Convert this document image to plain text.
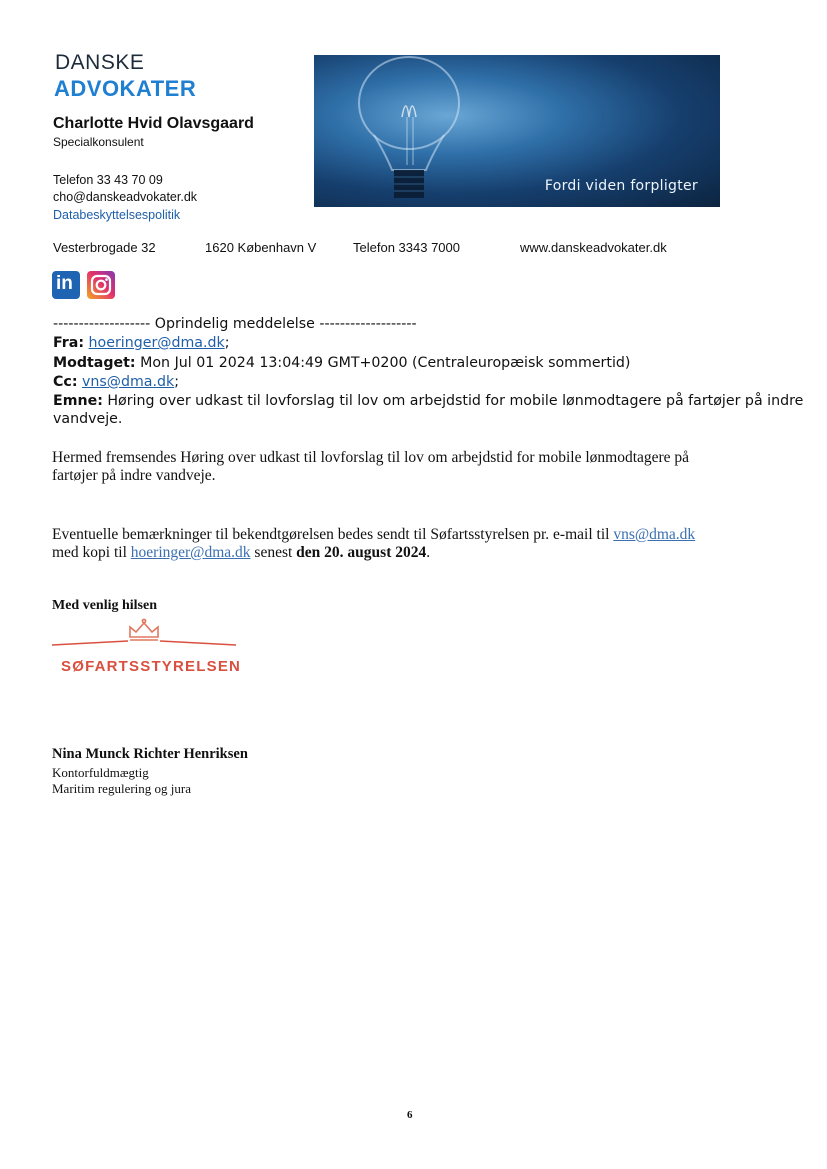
DANSKE
ADVOKATER
Charlotte Hvid Olavsgaard
Specialkonsulent
Telefon 33 43 70 09
cho@danskeadvokater.dk
Databeskyttelsespolitik
Fordi viden forpligter
Vesterbrogade 32	1620 København V	Telefon 3343 7000	www.danskeadvokater.dk
in
------------------- Oprindelig meddelelse -------------------
Fra: hoeringer@dma.dk;
Modtaget: Mon Jul 01 2024 13:04:49 GMT+0200 (Centraleuropæisk sommertid)
Cc: vns@dma.dk;
Emne: Høring over udkast til lovforslag til lov om arbejdstid for mobile lønmodtagere på fartøjer på indre
vandveje.
Hermed fremsendes Høring over udkast til lovforslag til lov om arbejdstid for mobile lønmodtagere på
fartøjer på indre vandveje.
Eventuelle bemærkninger til bekendtgørelsen bedes sendt til Søfartsstyrelsen pr. e-mail til vns@dma.dk
med kopi til hoeringer@dma.dk senest den 20. august 2024.
Med venlig hilsen
SØFARTSSTYRELSEN
Nina Munck Richter Henriksen
Kontorfuldmægtig
Maritim regulering og jura
6
